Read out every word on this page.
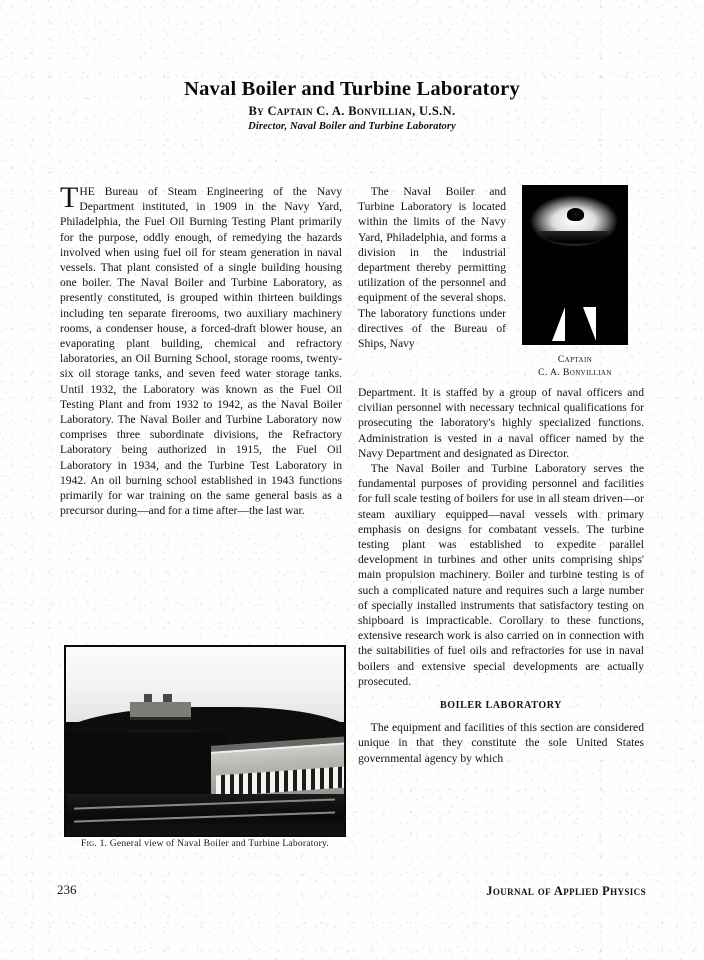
Naval Boiler and Turbine Laboratory
By Captain C. A. Bonvillian, U.S.N.
Director, Naval Boiler and Turbine Laboratory

THE Bureau of Steam Engineering of the Navy Department instituted, in 1909 in the Navy Yard, Philadelphia, the Fuel Oil Burning Testing Plant primarily for the purpose, oddly enough, of remedying the hazards involved when using fuel oil for steam generation in naval vessels. That plant consisted of a single building housing one boiler. The Naval Boiler and Turbine Laboratory, as presently constituted, is grouped within thirteen buildings including ten separate firerooms, two auxiliary machinery rooms, a condenser house, a forced-draft blower house, an evaporating plant building, chemical and refractory laboratories, an Oil Burning School, storage rooms, twenty-six oil storage tanks, and seven feed water storage tanks. Until 1932, the Laboratory was known as the Fuel Oil Testing Plant and from 1932 to 1942, as the Naval Boiler Laboratory. The Naval Boiler and Turbine Laboratory now comprises three subordinate divisions, the Refractory Laboratory being authorized in 1915, the Fuel Oil Laboratory in 1934, and the Turbine Test Laboratory in 1942. An oil burning school established in 1943 functions primarily for war training on the same general basis as a precursor during—and for a time after—the last war.

The Naval Boiler and Turbine Laboratory is located within the limits of the Navy Yard, Philadelphia, and forms a division in the industrial department thereby permitting utilization of the personnel and equipment of the several shops. The laboratory functions under directives of the Bureau of Ships, Navy

Captain
C. A. Bonvillian

Department. It is staffed by a group of naval officers and civilian personnel with necessary technical qualifications for prosecuting the laboratory's highly specialized functions. Administration is vested in a naval officer named by the Navy Department and designated as Director.

The Naval Boiler and Turbine Laboratory serves the fundamental purposes of providing personnel and facilities for full scale testing of boilers for use in all steam driven—or steam auxiliary equipped—naval vessels with primary emphasis on designs for combatant vessels. The turbine testing plant was established to expedite parallel development in turbines and other units comprising ships' main propulsion machinery. Boiler and turbine testing is of such a complicated nature and requires such a large number of specially installed instruments that satisfactory testing on shipboard is impracticable. Corollary to these functions, extensive research work is also carried on in connection with the suitabilities of fuel oils and refractories for use in naval boilers and extensive special developments are actually prosecuted.

BOILER LABORATORY

The equipment and facilities of this section are considered unique in that they constitute the sole United States governmental agency by which

Fig. 1. General view of Naval Boiler and Turbine Laboratory.
236	Journal of Applied Physics
